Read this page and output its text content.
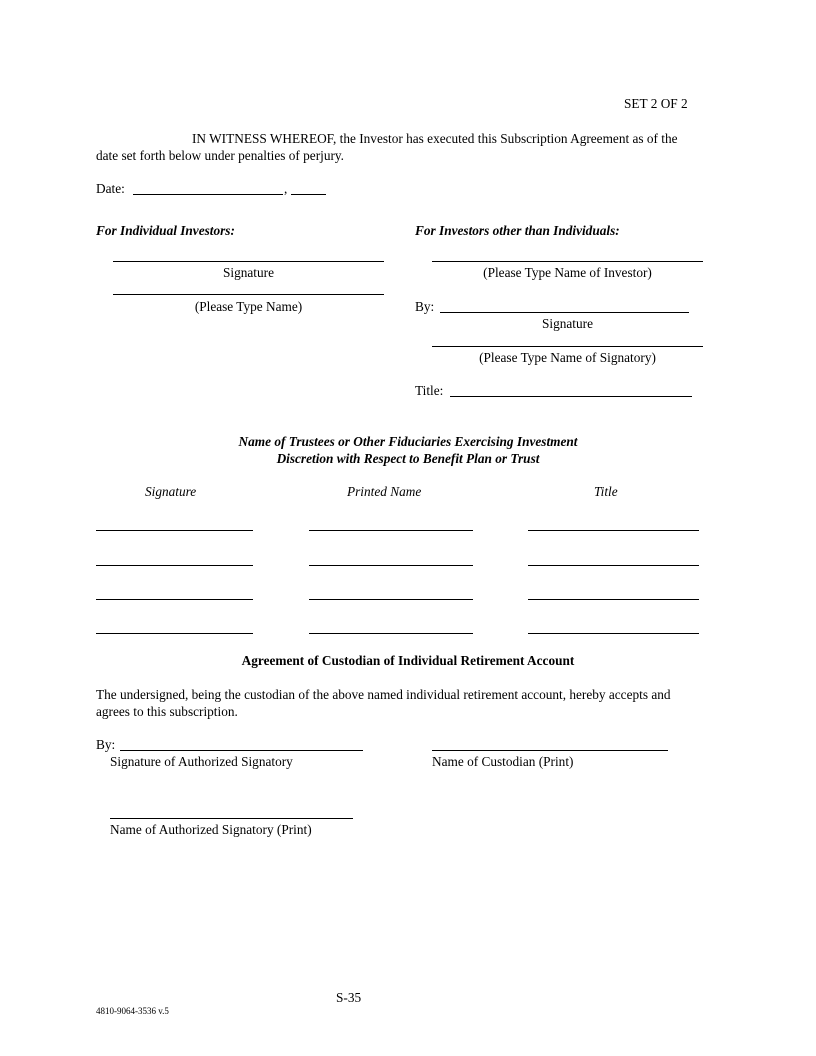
SET 2 OF 2
IN WITNESS WHEREOF, the Investor has executed this Subscription Agreement as of the
date set forth below under penalties of perjury.
Date:	,
For Individual Investors:
Signature
(Please Type Name)
For Investors other than Individuals:
(Please Type Name of Investor)
By:
Signature
(Please Type Name of Signatory)
Title:
Name of Trustees or Other Fiduciaries Exercising Investment
Discretion with Respect to Benefit Plan or Trust
Signature	Printed Name	Title
Agreement of Custodian of Individual Retirement Account
The undersigned, being the custodian of the above named individual retirement account, hereby accepts and
agrees to this subscription.
By:
Signature of Authorized Signatory	Name of Custodian (Print)
Name of Authorized Signatory (Print)
S-35
4810-9064-3536 v.5
